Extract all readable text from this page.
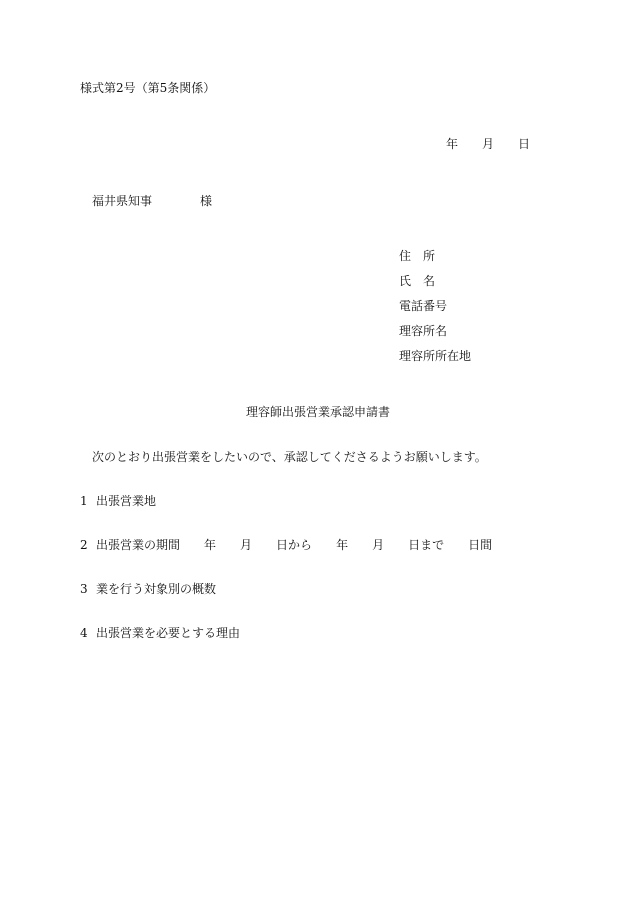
様式第2号（第5条関係）
年 月 日
福井県知事	様
住 所
氏 名
電話番号
理容所名
理容所所在地
理容師出張営業承認申請書
次のとおり出張営業をしたいので、承認してくださるようお願いします。
1 出張営業地
2 出張営業の期間 年 月 日から 年 月 日まで 日間
3 業を行う対象別の概数
4 出張営業を必要とする理由
